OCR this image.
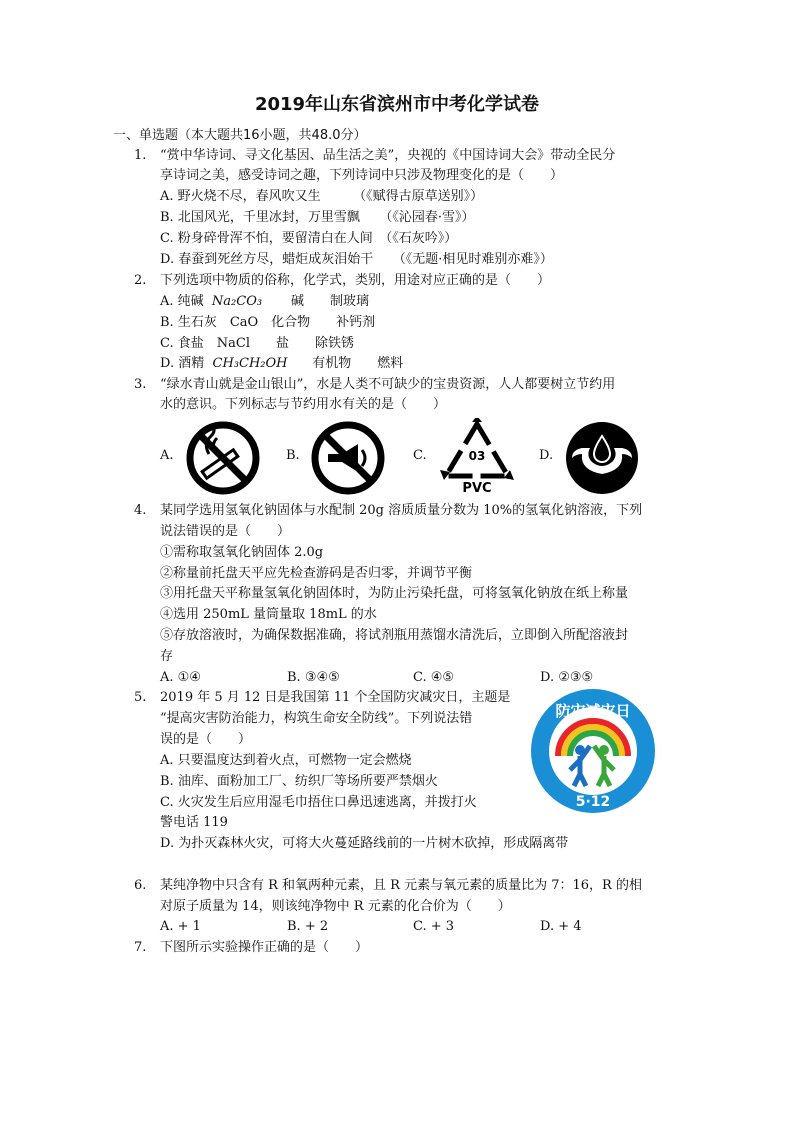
2019年山东省滨州市中考化学试卷
一、单选题（本大题共16小题，共48.0分）
1. “赏中华诗词、寻文化基因、品生活之美”，央视的《中国诗词大会》带动全民分
享诗词之美，感受诗词之趣，下列诗词中只涉及物理变化的是（　　）
A. 野火烧不尽，春风吹又生　　　（《赋得古原草送别》）
B. 北国风光，千里冰封，万里雪飘　　（《沁园春·雪》）
C. 粉身碎骨浑不怕，要留清白在人间　（《石灰吟》）
D. 春蚕到死丝方尽，蜡炬成灰泪始干　　（《无题·相见时难别亦难》）
2. 下列选项中物质的俗称，化学式，类别，用途对应正确的是（　　）
A. 纯碱 Na₂CO₃ 碱　　制玻璃
B. 生石灰　CaO　化合物　　补钙剂
C. 食盐　NaCl　　盐　　除铁锈
D. 酒精 CH₃CH₂OH 有机物　　燃料
3. “绿水青山就是金山银山”，水是人类不可缺少的宝贵资源，人人都要树立节约用
水的意识。下列标志与节约用水有关的是（　　）
A.	B.	C.	03
PVC
D.
4. 某同学选用氢氧化钠固体与水配制 20g 溶质质量分数为 10%的氢氧化钠溶液，下列
说法错误的是（　　）
①需称取氢氧化钠固体 2.0g
②称量前托盘天平应先检查游码是否归零，并调节平衡
③用托盘天平称量氢氧化钠固体时，为防止污染托盘，可将氢氧化钠放在纸上称量
④选用 250mL 量筒量取 18mL 的水
⑤存放溶液时，为确保数据准确，将试剂瓶用蒸馏水清洗后，立即倒入所配溶液封
存
A. ①④	B. ③④⑤	C. ④⑤	D. ②③⑤
5. 2019 年 5 月 12 日是我国第 11 个全国防灾减灾日，主题是
“提高灾害防治能力，构筑生命安全防线”。下列说法错
误的是（　　）
A. 只要温度达到着火点，可燃物一定会燃烧
B. 油库、面粉加工厂、纺织厂等场所要严禁烟火
C. 火灾发生后应用湿毛巾捂住口鼻迅速逃离，并拨打火
警电话 119
D. 为扑灭森林火灾，可将大火蔓延路线前的一片树木砍掉，形成隔离带
防灾减灾日
5·12
6. 某纯净物中只含有 R 和氧两种元素，且 R 元素与氧元素的质量比为 7：16，R 的相
对原子质量为 14，则该纯净物中 R 元素的化合价为（　　）
A. + 1	B. + 2	C. + 3	D. + 4
7. 下图所示实验操作正确的是（　　）
